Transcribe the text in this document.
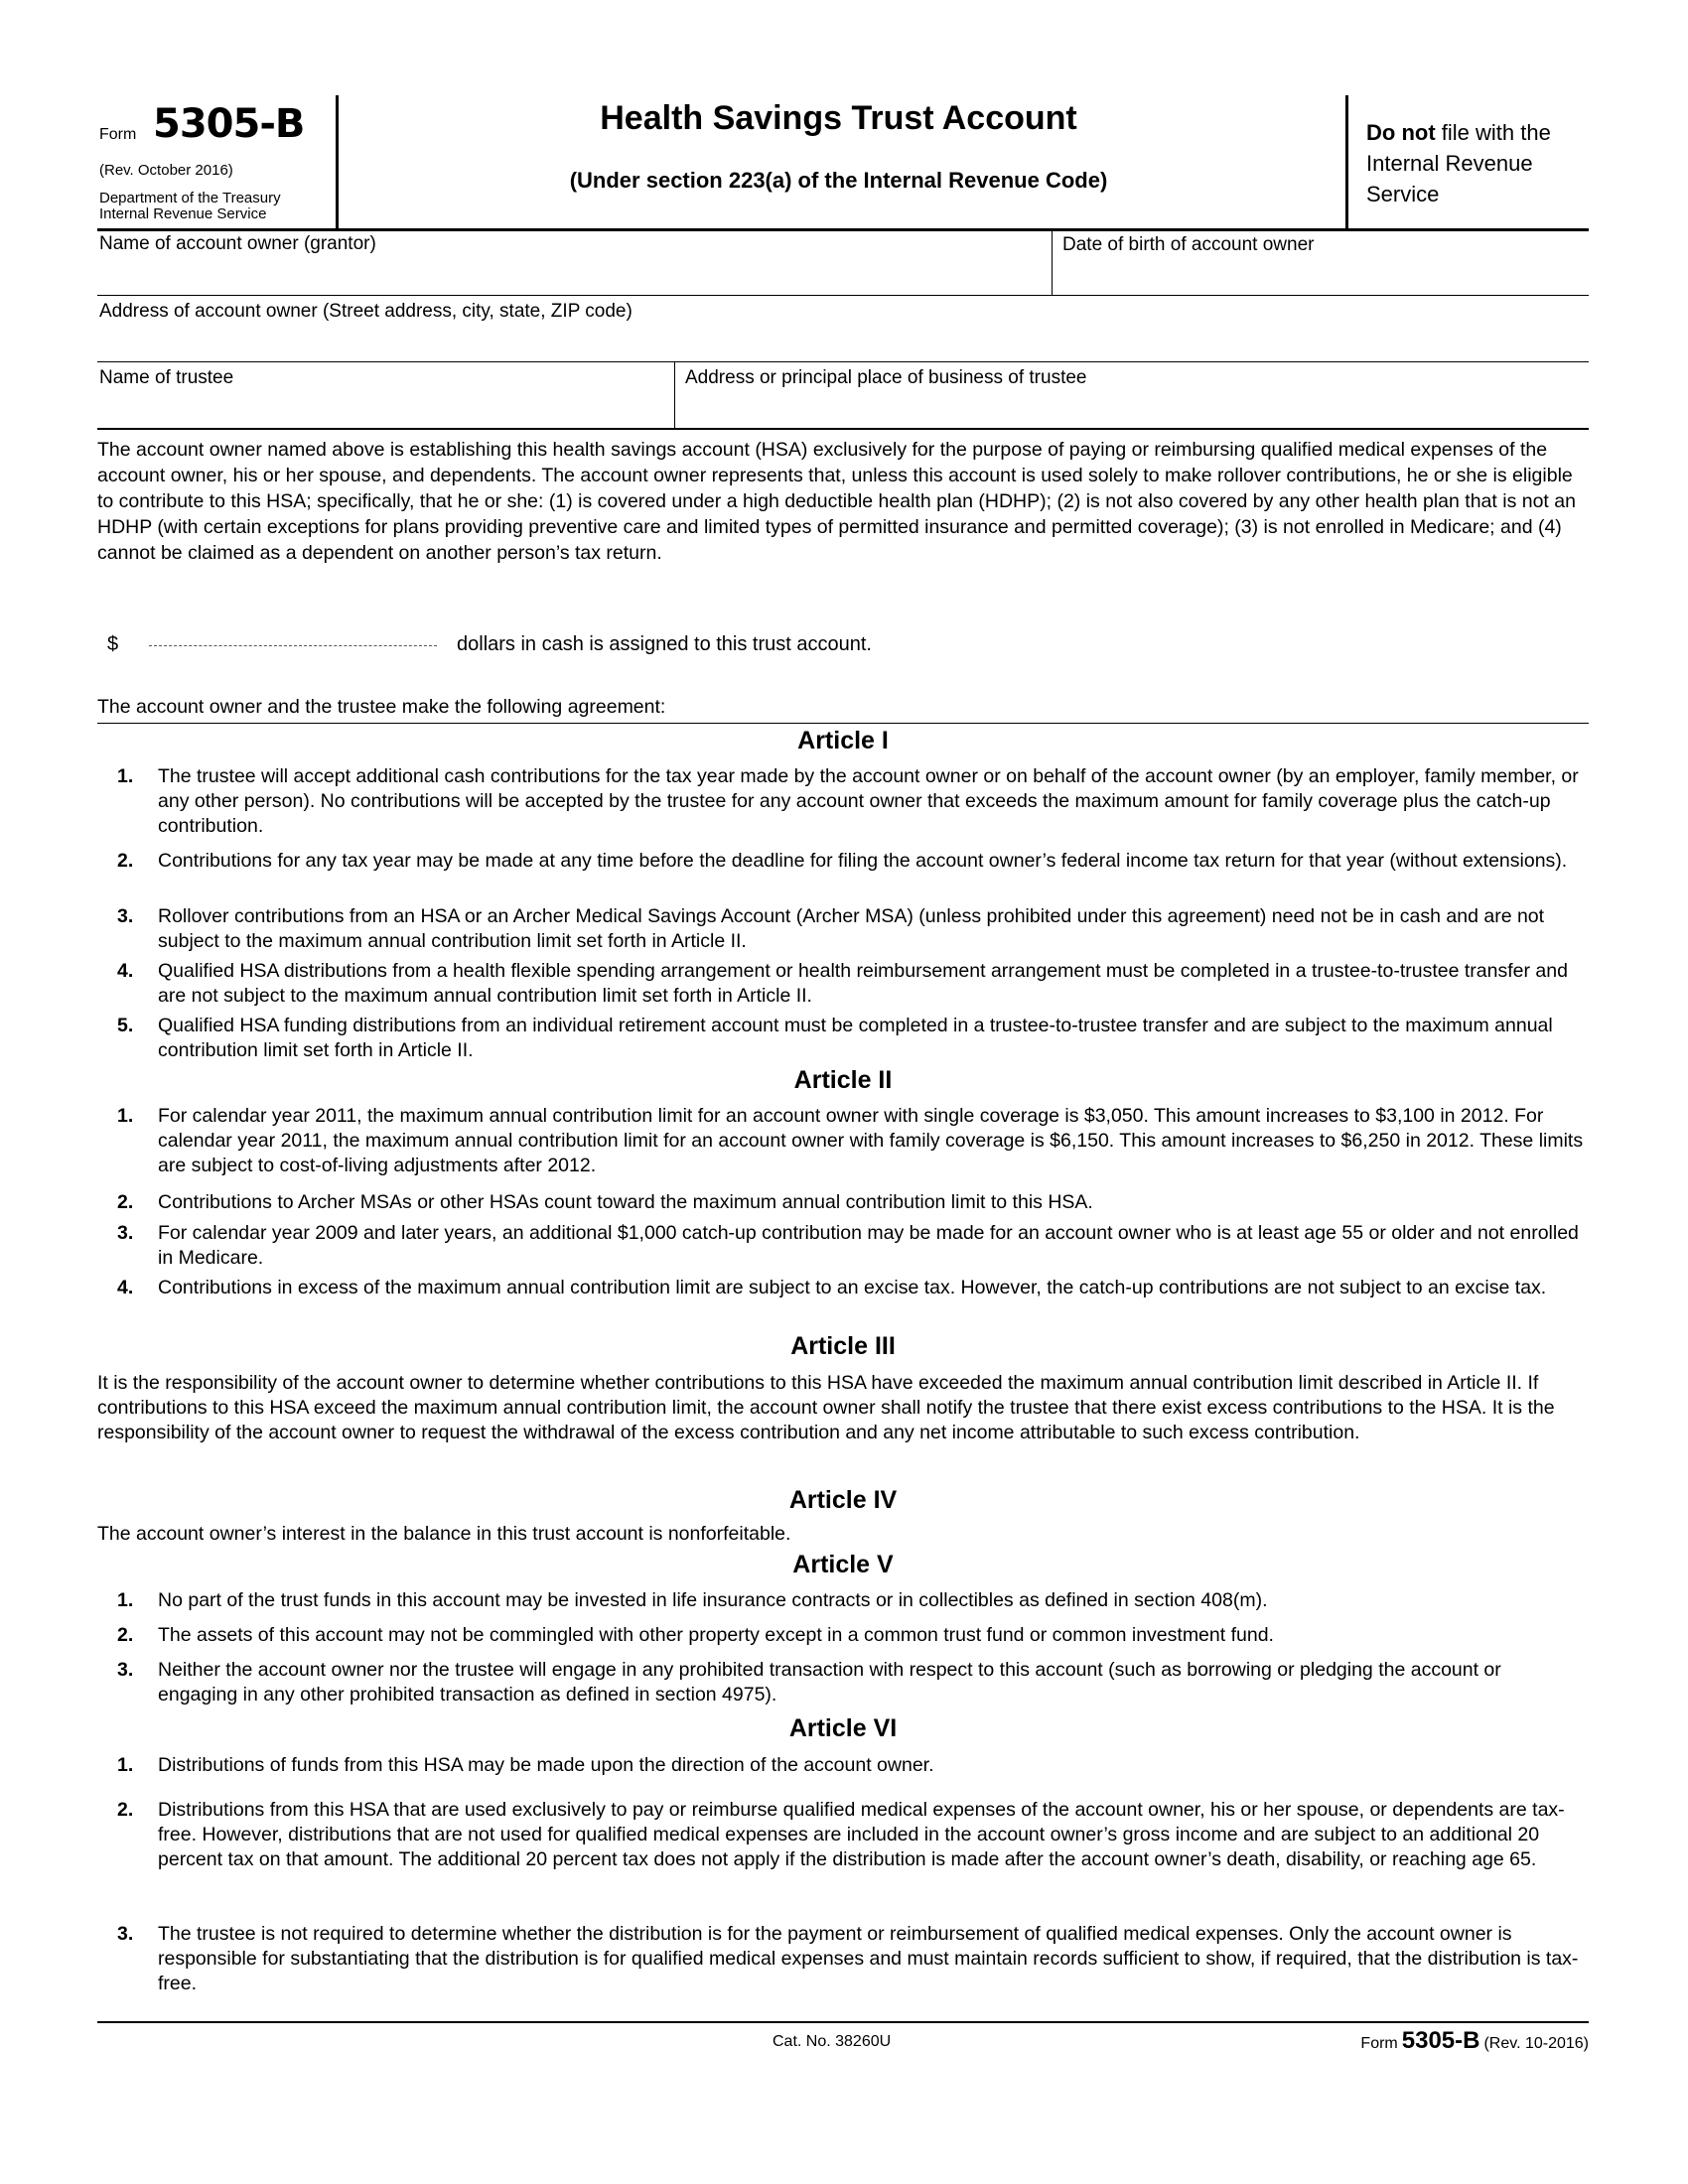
Form 5305-B
(Rev. October 2016)
Department of the Treasury
Internal Revenue Service
Health Savings Trust Account
(Under section 223(a) of the Internal Revenue Code)
Do not file with the Internal Revenue Service
Name of account owner (grantor)	Date of birth of account owner
Address of account owner (Street address, city, state, ZIP code)
Name of trustee	Address or principal place of business of trustee
The account owner named above is establishing this health savings account (HSA) exclusively for the purpose of paying or reimbursing qualified medical expenses of the account owner, his or her spouse, and dependents. The account owner represents that, unless this account is used solely to make rollover contributions, he or she is eligible to contribute to this HSA; specifically, that he or she: (1) is covered under a high deductible health plan (HDHP); (2) is not also covered by any other health plan that is not an HDHP (with certain exceptions for plans providing preventive care and limited types of permitted insurance and permitted coverage); (3) is not enrolled in Medicare; and (4) cannot be claimed as a dependent on another person’s tax return.
$	dollars in cash is assigned to this trust account.
The account owner and the trustee make the following agreement:
Article I
1. The trustee will accept additional cash contributions for the tax year made by the account owner or on behalf of the account owner (by an employer, family member, or any other person). No contributions will be accepted by the trustee for any account owner that exceeds the maximum amount for family coverage plus the catch-up contribution.
2. Contributions for any tax year may be made at any time before the deadline for filing the account owner’s federal income tax return for that year (without extensions).
3. Rollover contributions from an HSA or an Archer Medical Savings Account (Archer MSA) (unless prohibited under this agreement) need not be in cash and are not subject to the maximum annual contribution limit set forth in Article II.
4. Qualified HSA distributions from a health flexible spending arrangement or health reimbursement arrangement must be completed in a trustee-to-trustee transfer and are not subject to the maximum annual contribution limit set forth in Article II.
5. Qualified HSA funding distributions from an individual retirement account must be completed in a trustee-to-trustee transfer and are subject to the maximum annual contribution limit set forth in Article II.
Article II
1. For calendar year 2011, the maximum annual contribution limit for an account owner with single coverage is $3,050. This amount increases to $3,100 in 2012. For calendar year 2011, the maximum annual contribution limit for an account owner with family coverage is $6,150. This amount increases to $6,250 in 2012. These limits are subject to cost-of-living adjustments after 2012.
2. Contributions to Archer MSAs or other HSAs count toward the maximum annual contribution limit to this HSA.
3. For calendar year 2009 and later years, an additional $1,000 catch-up contribution may be made for an account owner who is at least age 55 or older and not enrolled in Medicare.
4. Contributions in excess of the maximum annual contribution limit are subject to an excise tax. However, the catch-up contributions are not subject to an excise tax.
Article III
It is the responsibility of the account owner to determine whether contributions to this HSA have exceeded the maximum annual contribution limit described in Article II. If contributions to this HSA exceed the maximum annual contribution limit, the account owner shall notify the trustee that there exist excess contributions to the HSA. It is the responsibility of the account owner to request the withdrawal of the excess contribution and any net income attributable to such excess contribution.
Article IV
The account owner’s interest in the balance in this trust account is nonforfeitable.
Article V
1. No part of the trust funds in this account may be invested in life insurance contracts or in collectibles as defined in section 408(m).
2. The assets of this account may not be commingled with other property except in a common trust fund or common investment fund.
3. Neither the account owner nor the trustee will engage in any prohibited transaction with respect to this account (such as borrowing or pledging the account or engaging in any other prohibited transaction as defined in section 4975).
Article VI
1. Distributions of funds from this HSA may be made upon the direction of the account owner.
2. Distributions from this HSA that are used exclusively to pay or reimburse qualified medical expenses of the account owner, his or her spouse, or dependents are tax-free. However, distributions that are not used for qualified medical expenses are included in the account owner’s gross income and are subject to an additional 20 percent tax on that amount. The additional 20 percent tax does not apply if the distribution is made after the account owner’s death, disability, or reaching age 65.
3. The trustee is not required to determine whether the distribution is for the payment or reimbursement of qualified medical expenses. Only the account owner is responsible for substantiating that the distribution is for qualified medical expenses and must maintain records sufficient to show, if required, that the distribution is tax-free.
Cat. No. 38260U	Form 5305-B (Rev. 10-2016)
